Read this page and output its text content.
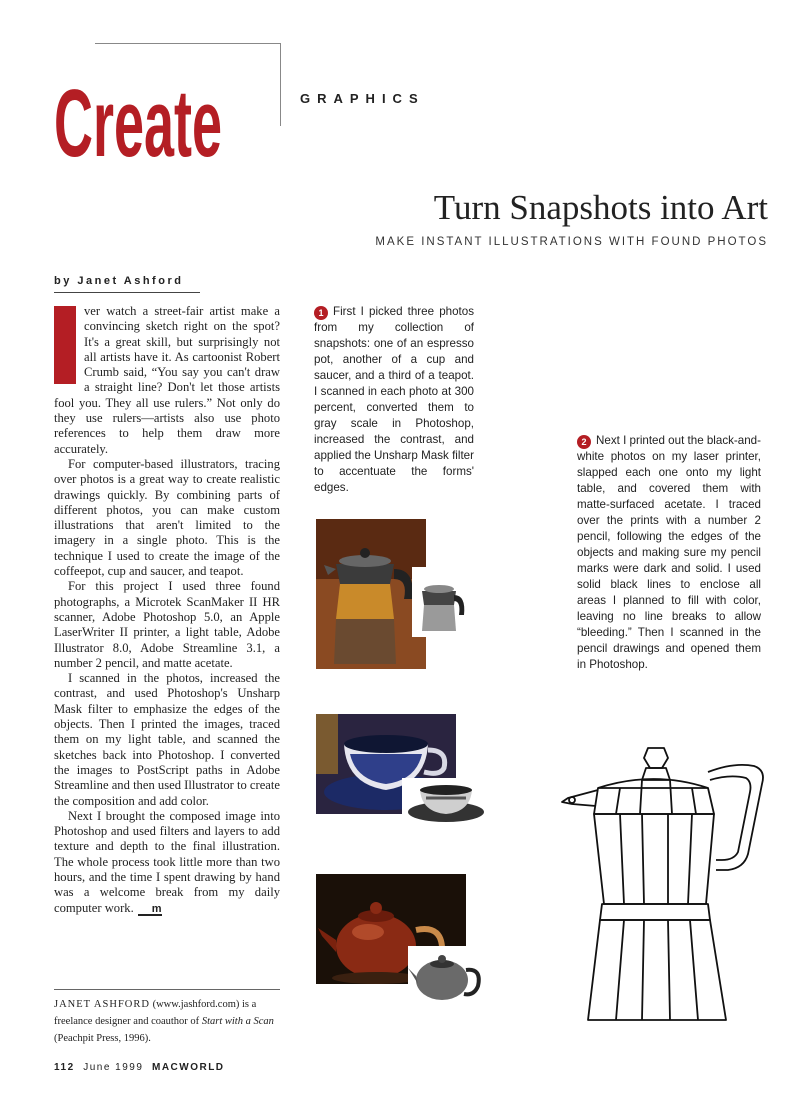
Create	GRAPHICS
Turn Snapshots into Art
MAKE INSTANT ILLUSTRATIONS WITH FOUND PHOTOS
by Janet Ashford

ver watch a street-fair artist make a convincing sketch right on the spot? It's a great skill, but surprisingly not all artists have it. As cartoonist Robert Crumb said, “You say you can't draw a straight line? Don't let those artists fool you. They all use rulers.” Not only do they use rulers—artists also use photo references to help them draw more accurately.

For computer-based illustrators, tracing over photos is a great way to create realistic drawings quickly. By combining parts of different photos, you can make custom illustrations that aren't limited to the imagery in a single photo. This is the technique I used to create the image of the coffeepot, cup and saucer, and teapot.

For this project I used three found photographs, a Microtek ScanMaker II HR scanner, Adobe Photoshop 5.0, an Apple LaserWriter II printer, a light table, Adobe Illustrator 8.0, Adobe Streamline 3.1, a number 2 pencil, and matte acetate.

I scanned in the photos, increased the contrast, and used Photoshop's Unsharp Mask filter to emphasize the edges of the objects. Then I printed the images, traced them on my light table, and scanned the sketches back into Photoshop. I converted the images to PostScript paths in Adobe Streamline and then used Illustrator to create the composition and add color.

Next I brought the composed image into Photoshop and used filters and layers to add texture and depth to the final illustration. The whole process took little more than two hours, and the time I spent drawing by hand was a welcome break from my daily computer work. m

JANET ASHFORD (www.jashford.com) is a freelance designer and coauthor of Start with a Scan (Peachpit Press, 1996).
112 June 1999 MACWORLD
1 First I picked three photos from my collection of snapshots: one of an espresso pot, another of a cup and saucer, and a third of a teapot. I scanned in each photo at 300 percent, converted them to gray scale in Photoshop, increased the contrast, and applied the Unsharp Mask filter to accentuate the forms' edges.
2 Next I printed out the black-and-white photos on my laser printer, slapped each one onto my light table, and covered them with matte-surfaced acetate. I traced over the prints with a number 2 pencil, following the edges of the objects and making sure my pencil marks were dark and solid. I used solid black lines to enclose all areas I planned to fill with color, leaving no line breaks to allow “bleeding.” Then I scanned in the pencil drawings and opened them in Photoshop.
